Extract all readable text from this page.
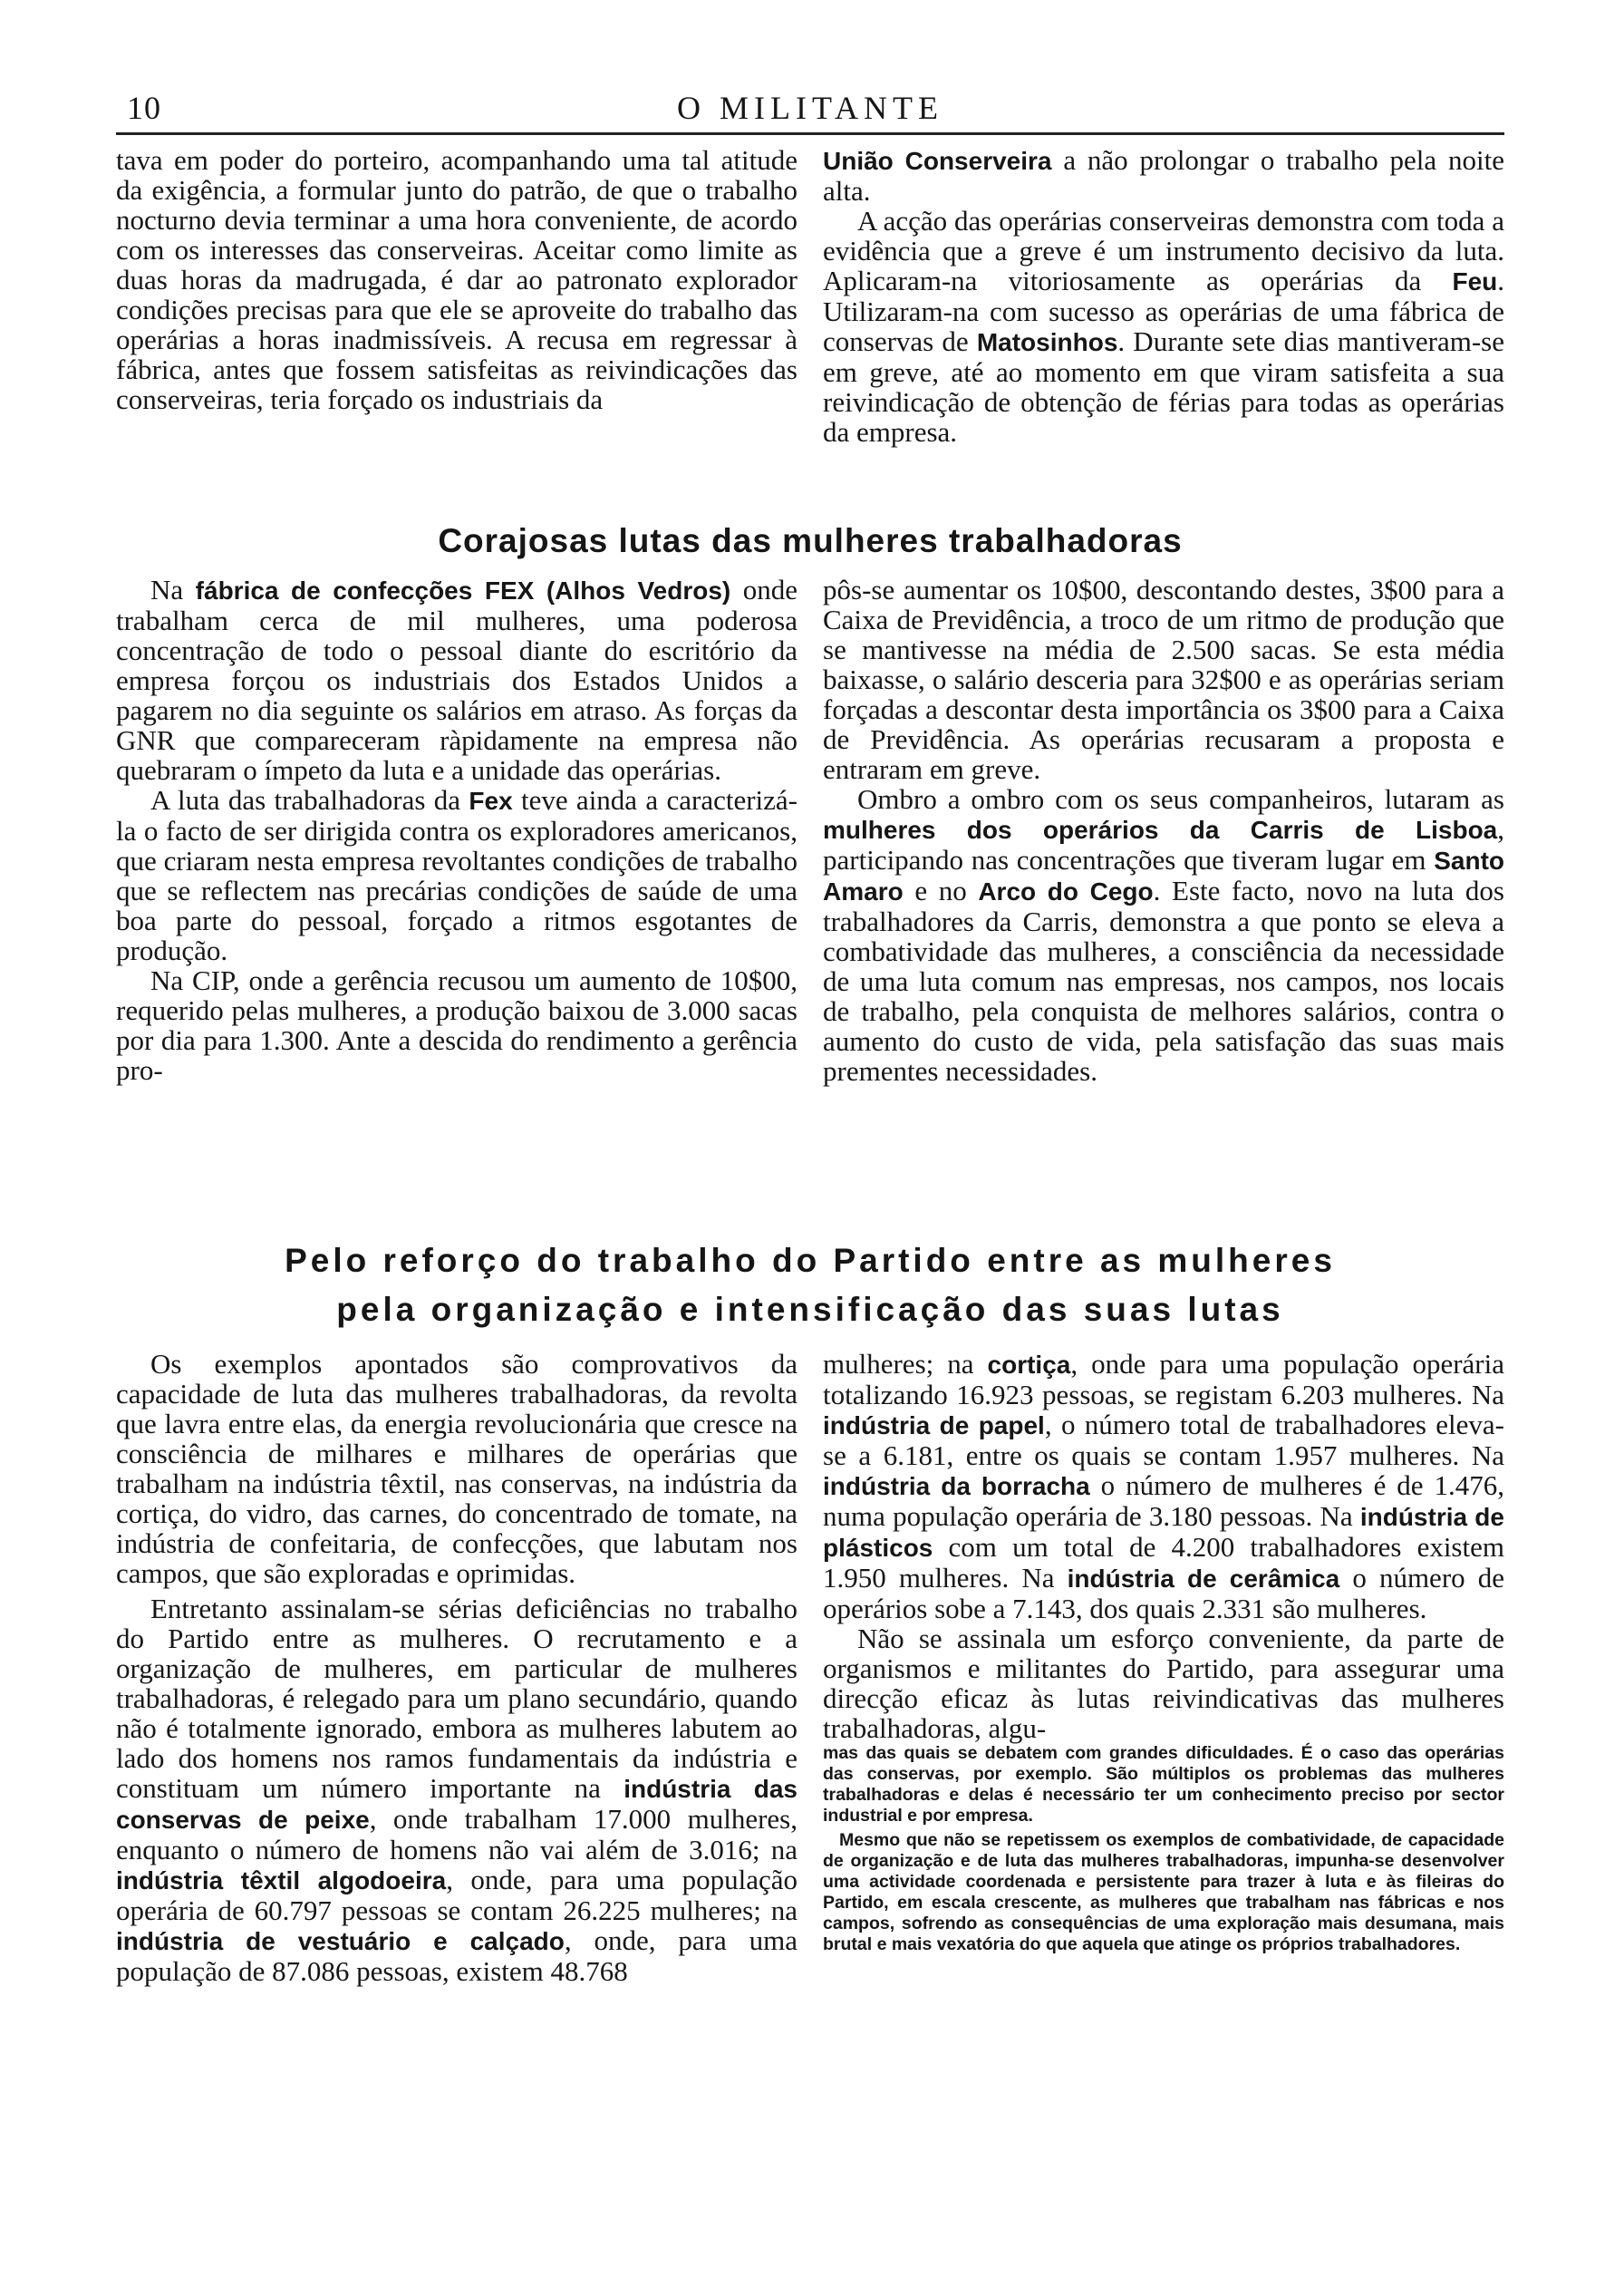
10	O MILITANTE

tava em poder do porteiro, acompanhando uma tal atitude da exigência, a formular junto do patrão, de que o trabalho nocturno devia terminar a uma hora conveniente, de acordo com os interesses das conserveiras. Aceitar como limite as duas horas da madrugada, é dar ao patronato explorador condições precisas para que ele se aproveite do trabalho das operárias a horas inadmissíveis. A recusa em regressar à fábrica, antes que fossem satisfeitas as reivindicações das conserveiras, teria forçado os industriais da

União Conserveira a não prolongar o trabalho pela noite alta.

A acção das operárias conserveiras demonstra com toda a evidência que a greve é um instrumento decisivo da luta. Aplicaram-na vitoriosamente as operárias da Feu. Utilizaram-na com sucesso as operárias de uma fábrica de conservas de Matosinhos. Durante sete dias mantiveram-se em greve, até ao momento em que viram satisfeita a sua reivindicação de obtenção de férias para todas as operárias da empresa.

Corajosas lutas das mulheres trabalhadoras

Na fábrica de confecções FEX (Alhos Vedros) onde trabalham cerca de mil mulheres, uma poderosa concentração de todo o pessoal diante do escritório da empresa forçou os industriais dos Estados Unidos a pagarem no dia seguinte os salários em atraso. As forças da GNR que compareceram ràpidamente na empresa não quebraram o ímpeto da luta e a unidade das operárias.

A luta das trabalhadoras da Fex teve ainda a caracterizá-la o facto de ser dirigida contra os exploradores americanos, que criaram nesta empresa revoltantes condições de trabalho que se reflectem nas precárias condições de saúde de uma boa parte do pessoal, forçado a ritmos esgotantes de produção.

Na CIP, onde a gerência recusou um aumento de 10$00, requerido pelas mulheres, a produção baixou de 3.000 sacas por dia para 1.300. Ante a descida do rendimento a gerência pro-

pôs-se aumentar os 10$00, descontando destes, 3$00 para a Caixa de Previdência, a troco de um ritmo de produção que se mantivesse na média de 2.500 sacas. Se esta média baixasse, o salário desceria para 32$00 e as operárias seriam forçadas a descontar desta importância os 3$00 para a Caixa de Previdência. As operárias recusaram a proposta e entraram em greve.

Ombro a ombro com os seus companheiros, lutaram as mulheres dos operários da Carris de Lisboa, participando nas concentrações que tiveram lugar em Santo Amaro e no Arco do Cego. Este facto, novo na luta dos trabalhadores da Carris, demonstra a que ponto se eleva a combatividade das mulheres, a consciência da necessidade de uma luta comum nas empresas, nos campos, nos locais de trabalho, pela conquista de melhores salários, contra o aumento do custo de vida, pela satisfação das suas mais prementes necessidades.

Pelo reforço do trabalho do Partido entre as mulheres
pela organização e intensificação das suas lutas

Os exemplos apontados são comprovativos da capacidade de luta das mulheres trabalhadoras, da revolta que lavra entre elas, da energia revolucionária que cresce na consciência de milhares e milhares de operárias que trabalham na indústria têxtil, nas conservas, na indústria da cortiça, do vidro, das carnes, do concentrado de tomate, na indústria de confeitaria, de confecções, que labutam nos campos, que são exploradas e oprimidas.

Entretanto assinalam-se sérias deficiências no trabalho do Partido entre as mulheres. O recrutamento e a organização de mulheres, em particular de mulheres trabalhadoras, é relegado para um plano secundário, quando não é totalmente ignorado, embora as mulheres labutem ao lado dos homens nos ramos fundamentais da indústria e constituam um número importante na indústria das conservas de peixe, onde trabalham 17.000 mulheres, enquanto o número de homens não vai além de 3.016; na indústria têxtil algodoeira, onde, para uma população operária de 60.797 pessoas se contam 26.225 mulheres; na indústria de vestuário e calçado, onde, para uma população de 87.086 pessoas, existem 48.768

mulheres; na cortiça, onde para uma população operária totalizando 16.923 pessoas, se registam 6.203 mulheres. Na indústria de papel, o número total de trabalhadores eleva-se a 6.181, entre os quais se contam 1.957 mulheres. Na indústria da borracha o número de mulheres é de 1.476, numa população operária de 3.180 pessoas. Na indústria de plásticos com um total de 4.200 trabalhadores existem 1.950 mulheres. Na indústria de cerâmica o número de operários sobe a 7.143, dos quais 2.331 são mulheres.

Não se assinala um esforço conveniente, da parte de organismos e militantes do Partido, para assegurar uma direcção eficaz às lutas reivindicativas das mulheres trabalhadoras, algu-

mas das quais se debatem com grandes dificuldades. É o caso das operárias das conservas, por exemplo. São múltiplos os problemas das mulheres trabalhadoras e delas é necessário ter um conhecimento preciso por sector industrial e por empresa.

Mesmo que não se repetissem os exemplos de combatividade, de capacidade de organização e de luta das mulheres trabalhadoras, impunha-se desenvolver uma actividade coordenada e persistente para trazer à luta e às fileiras do Partido, em escala crescente, as mulheres que trabalham nas fábricas e nos campos, sofrendo as consequências de uma exploração mais desumana, mais brutal e mais vexatória do que aquela que atinge os próprios trabalhadores.
